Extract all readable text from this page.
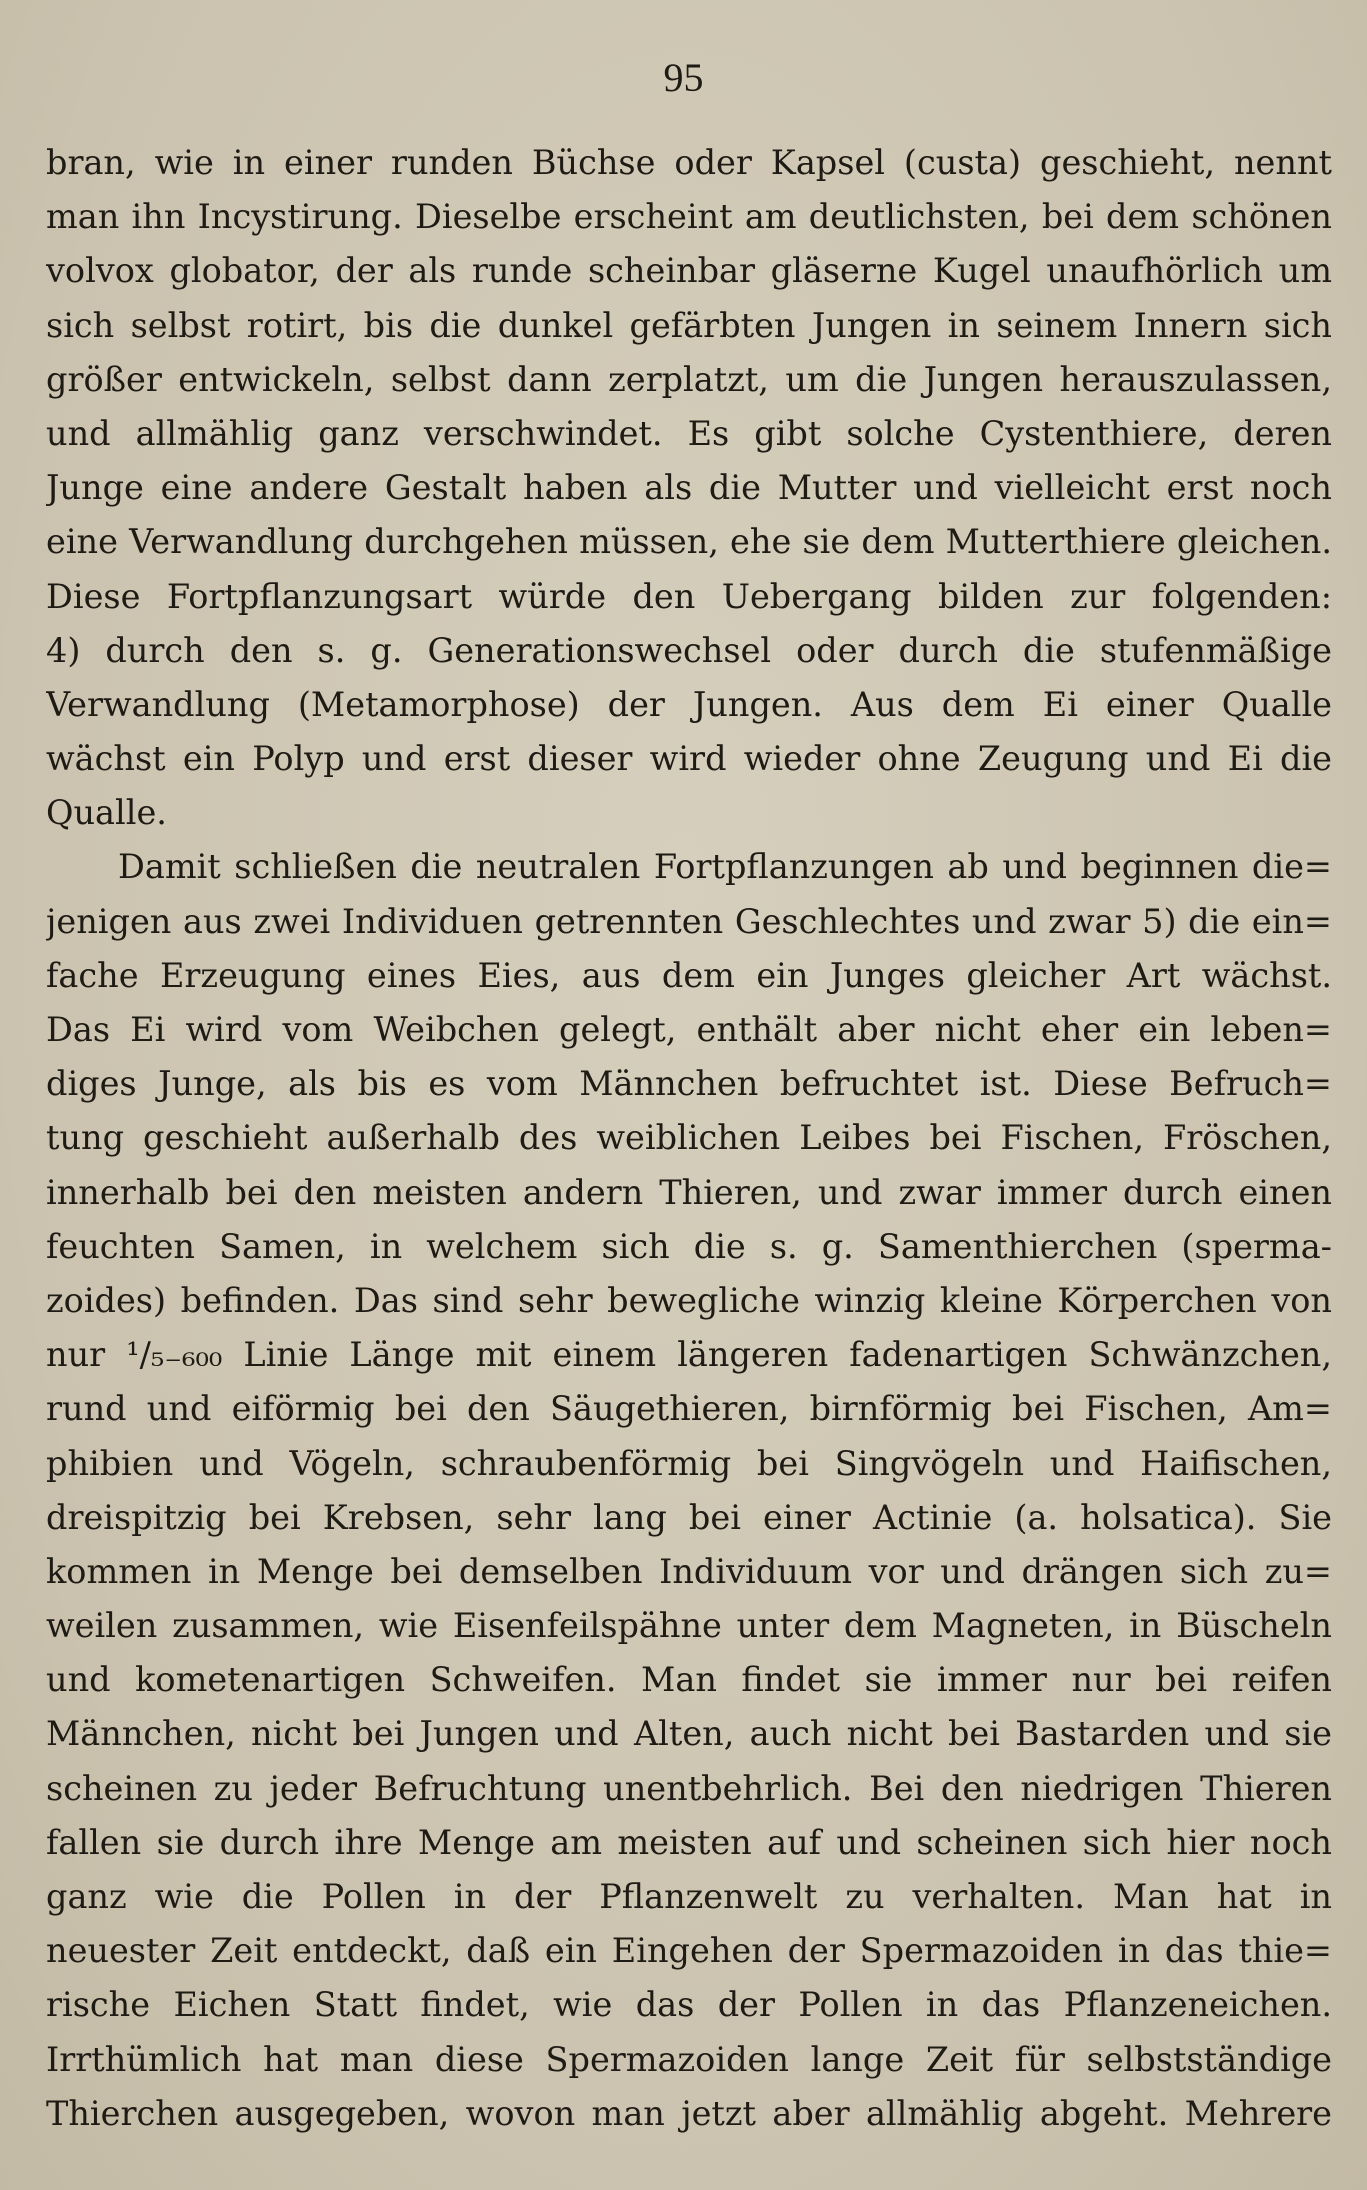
95
bran, wie in einer runden Büchse oder Kapsel (custa) geschieht, nennt
man ihn Incystirung. Dieselbe erscheint am deutlichsten, bei dem schönen
volvox globator, der als runde scheinbar gläserne Kugel unaufhörlich um
sich selbst rotirt, bis die dunkel gefärbten Jungen in seinem Innern sich
größer entwickeln, selbst dann zerplatzt, um die Jungen herauszulassen,
und allmählig ganz verschwindet. Es gibt solche Cystenthiere, deren
Junge eine andere Gestalt haben als die Mutter und vielleicht erst noch
eine Verwandlung durchgehen müssen, ehe sie dem Mutterthiere gleichen.
Diese Fortpflanzungsart würde den Uebergang bilden zur folgenden:
4) durch den s. g. Generationswechsel oder durch die stufenmäßige
Verwandlung (Metamorphose) der Jungen. Aus dem Ei einer Qualle
wächst ein Polyp und erst dieser wird wieder ohne Zeugung und Ei die
Qualle.
Damit schließen die neutralen Fortpflanzungen ab und beginnen die=
jenigen aus zwei Individuen getrennten Geschlechtes und zwar 5) die ein=
fache Erzeugung eines Eies, aus dem ein Junges gleicher Art wächst.
Das Ei wird vom Weibchen gelegt, enthält aber nicht eher ein leben=
diges Junge, als bis es vom Männchen befruchtet ist. Diese Befruch=
tung geschieht außerhalb des weiblichen Leibes bei Fischen, Fröschen,
innerhalb bei den meisten andern Thieren, und zwar immer durch einen
feuchten Samen, in welchem sich die s. g. Samenthierchen (sperma-
zoides) befinden. Das sind sehr bewegliche winzig kleine Körperchen von
nur ¹/₅₋₆₀₀ Linie Länge mit einem längeren fadenartigen Schwänzchen,
rund und eiförmig bei den Säugethieren, birnförmig bei Fischen, Am=
phibien und Vögeln, schraubenförmig bei Singvögeln und Haifischen,
dreispitzig bei Krebsen, sehr lang bei einer Actinie (a. holsatica). Sie
kommen in Menge bei demselben Individuum vor und drängen sich zu=
weilen zusammen, wie Eisenfeilspähne unter dem Magneten, in Büscheln
und kometenartigen Schweifen. Man findet sie immer nur bei reifen
Männchen, nicht bei Jungen und Alten, auch nicht bei Bastarden und sie
scheinen zu jeder Befruchtung unentbehrlich. Bei den niedrigen Thieren
fallen sie durch ihre Menge am meisten auf und scheinen sich hier noch
ganz wie die Pollen in der Pflanzenwelt zu verhalten. Man hat in
neuester Zeit entdeckt, daß ein Eingehen der Spermazoiden in das thie=
rische Eichen Statt findet, wie das der Pollen in das Pflanzeneichen.
Irrthümlich hat man diese Spermazoiden lange Zeit für selbstständige
Thierchen ausgegeben, wovon man jetzt aber allmählig abgeht. Mehrere
